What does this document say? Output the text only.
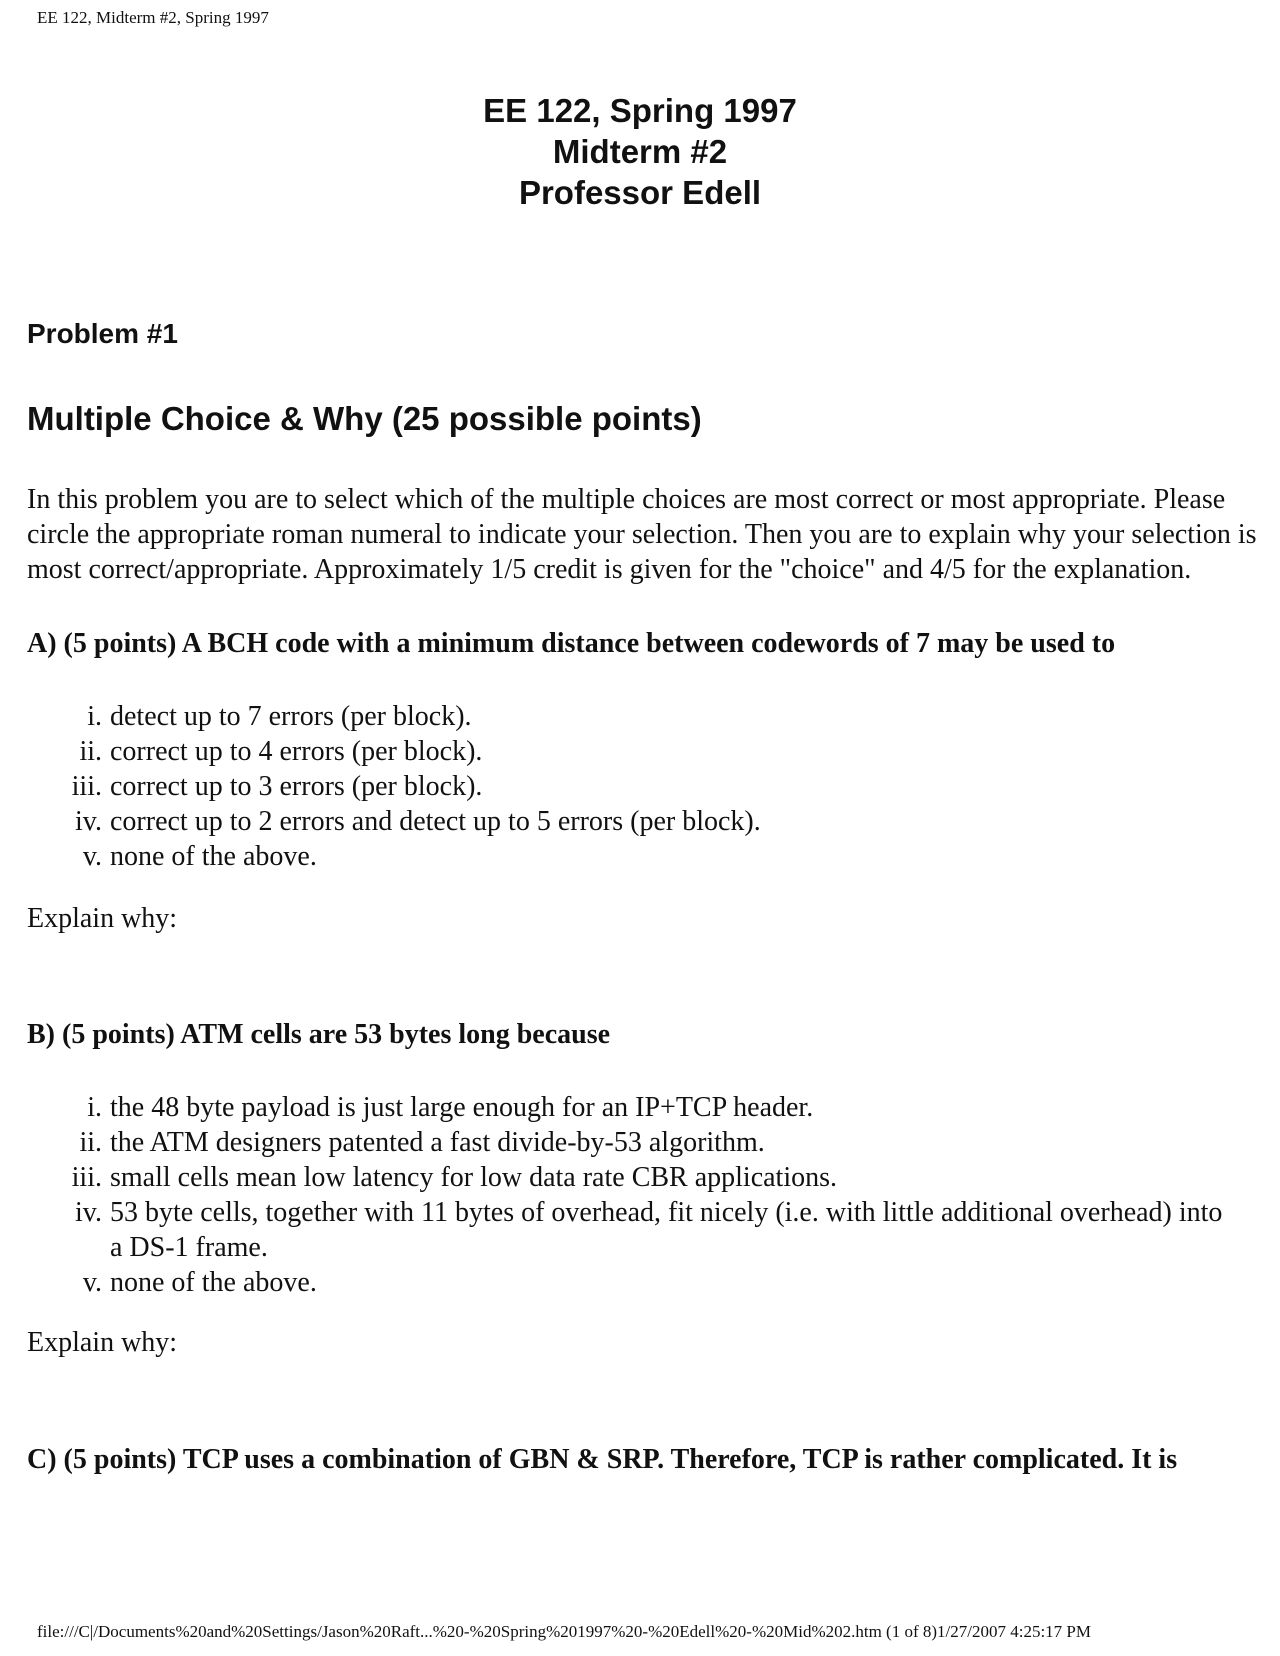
EE 122, Midterm #2, Spring 1997
EE 122, Spring 1997
Midterm #2
Professor Edell
Problem #1
Multiple Choice & Why (25 possible points)

In this problem you are to select which of the multiple choices are most correct or most appropriate. Please circle the appropriate roman numeral to indicate your selection. Then you are to explain why your selection is most correct/appropriate. Approximately 1/5 credit is given for the "choice" and 4/5 for the explanation.

A) (5 points) A BCH code with a minimum distance between codewords of 7 may be used to
i. detect up to 7 errors (per block).
ii. correct up to 4 errors (per block).
iii. correct up to 3 errors (per block).
iv. correct up to 2 errors and detect up to 5 errors (per block).
v. none of the above.
Explain why:
B) (5 points) ATM cells are 53 bytes long because
i. the 48 byte payload is just large enough for an IP+TCP header.
ii. the ATM designers patented a fast divide-by-53 algorithm.
iii. small cells mean low latency for low data rate CBR applications.
iv. 53 byte cells, together with 11 bytes of overhead, fit nicely (i.e. with little additional overhead) into a DS-1 frame.
v. none of the above.
Explain why:
C) (5 points) TCP uses a combination of GBN & SRP. Therefore, TCP is rather complicated. It is
file:///C|/Documents%20and%20Settings/Jason%20Raft...%20-%20Spring%201997%20-%20Edell%20-%20Mid%202.htm (1 of 8)1/27/2007 4:25:17 PM
